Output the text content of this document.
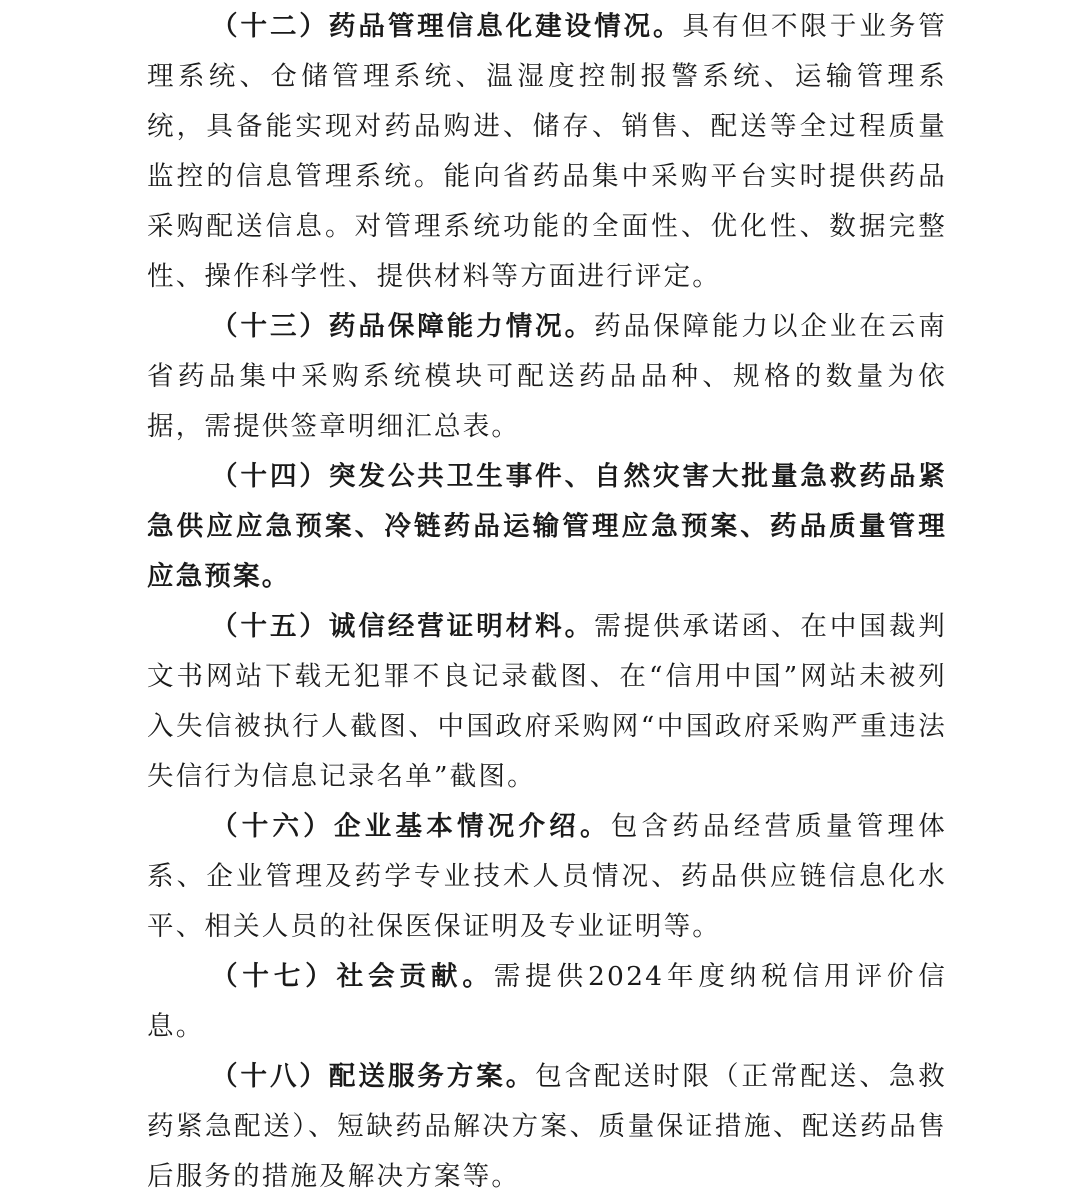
（十二）药品管理信息化建设情况。具有但不限于业务管理系统、仓储管理系统、温湿度控制报警系统、运输管理系统，具备能实现对药品购进、储存、销售、配送等全过程质量监控的信息管理系统。能向省药品集中采购平台实时提供药品采购配送信息。对管理系统功能的全面性、优化性、数据完整性、操作科学性、提供材料等方面进行评定。

（十三）药品保障能力情况。药品保障能力以企业在云南省药品集中采购系统模块可配送药品品种、规格的数量为依据，需提供签章明细汇总表。

（十四）突发公共卫生事件、自然灾害大批量急救药品紧急供应应急预案、冷链药品运输管理应急预案、药品质量管理应急预案。

（十五）诚信经营证明材料。需提供承诺函、在中国裁判文书网站下载无犯罪不良记录截图、在“信用中国”网站未被列入失信被执行人截图、中国政府采购网“中国政府采购严重违法失信行为信息记录名单”截图。

（十六）企业基本情况介绍。包含药品经营质量管理体系、企业管理及药学专业技术人员情况、药品供应链信息化水平、相关人员的社保医保证明及专业证明等。

（十七）社会贡献。需提供2024年度纳税信用评价信息。

（十八）配送服务方案。包含配送时限（正常配送、急救药紧急配送）、短缺药品解决方案、质量保证措施、配送药品售后服务的措施及解决方案等。
